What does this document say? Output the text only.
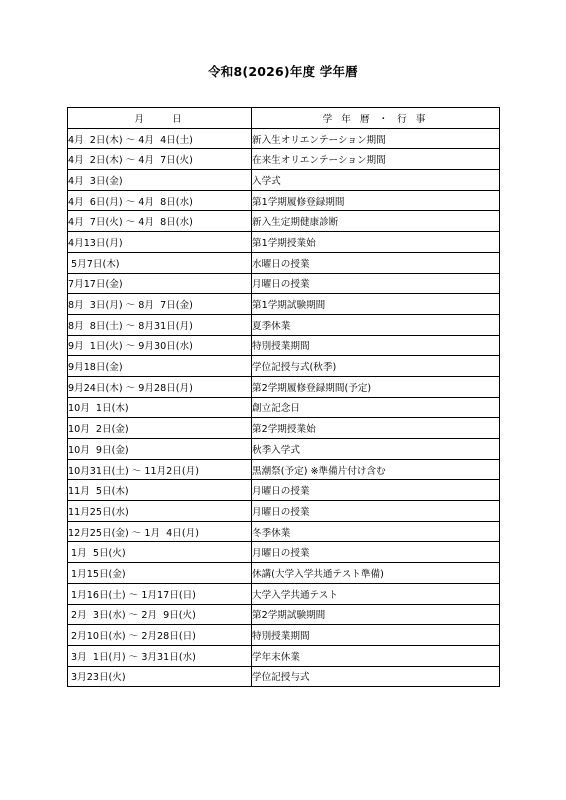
令和8(2026)年度 学年暦
月　　日	学 年 暦 ・ 行 事
4月  2日(木) ～ 4月  4日(土)	新入生オリエンテーション期間
4月  2日(木) ～ 4月  7日(火)	在来生オリエンテーション期間
4月  3日(金)	入学式
4月  6日(月) ～ 4月  8日(水)	第1学期履修登録期間
4月  7日(火) ～ 4月  8日(水)	新入生定期健康診断
4月13日(月)	第1学期授業始
5月7日(木)	水曜日の授業
7月17日(金)	月曜日の授業
8月  3日(月) ～ 8月  7日(金)	第1学期試験期間
8月  8日(土) ～ 8月31日(月)	夏季休業
9月  1日(火) ～ 9月30日(水)	特別授業期間
9月18日(金)	学位記授与式(秋季)
9月24日(木) ～ 9月28日(月)	第2学期履修登録期間(予定)
10月  1日(木)	創立記念日
10月  2日(金)	第2学期授業始
10月  9日(金)	秋季入学式
10月31日(土) ～ 11月2日(月)	黒潮祭(予定) ※準備片付け含む
11月  5日(木)	月曜日の授業
11月25日(水)	月曜日の授業
12月25日(金) ～ 1月  4日(月)	冬季休業
1月  5日(火)	月曜日の授業
1月15日(金)	休講(大学入学共通テスト準備)
1月16日(土) ～ 1月17日(日)	大学入学共通テスト
2月  3日(水) ～ 2月  9日(火)	第2学期試験期間
2月10日(水) ～ 2月28日(日)	特別授業期間
3月  1日(月) ～ 3月31日(水)	学年末休業
3月23日(火)	学位記授与式
